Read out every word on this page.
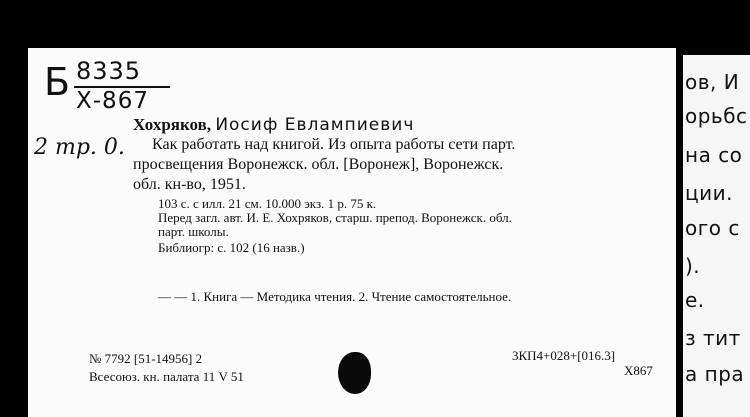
ов, И
орьбс
на сo
ции.
ого с
).
е.
з тит
а пра
Б 8335
Х-867
2 тр. 0.
Хохряков, Иосиф Евлампиевич
Как работать над книгой. Из опыта работы сети парт.
просвещения Воронежск. обл. [Воронеж], Воронежск.
обл. кн-во, 1951.
103 с. с илл. 21 см. 10.000 экз. 1 р. 75 к.
Перед загл. авт. И. Е. Хохряков, старш. препод. Воронежск. обл.
парт. школы.
Библиогр: с. 102 (16 назв.)
— — 1. Книга — Методика чтения. 2. Чтение самостоятельное.
№ 7792 [51-14956] 2
Всесоюз. кн. палата 11 V 51
3КП4+028+[016.3]
Х867
